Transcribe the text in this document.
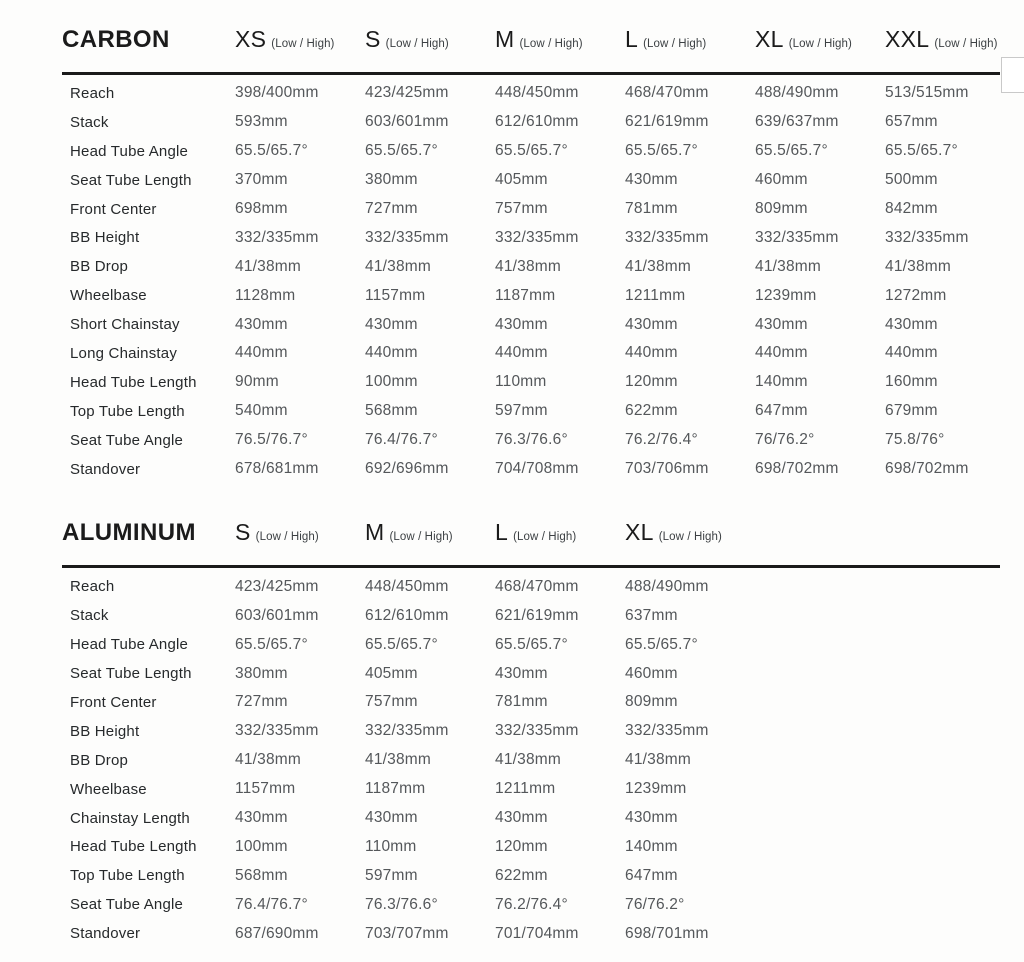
CARBON	XS (Low / High)	S (Low / High)	M (Low / High)	L (Low / High)	XL (Low / High)	XXL (Low / High)
Reach	398/400mm	423/425mm	448/450mm	468/470mm	488/490mm	513/515mm
Stack	593mm	603/601mm	612/610mm	621/619mm	639/637mm	657mm
Head Tube Angle	65.5/65.7°	65.5/65.7°	65.5/65.7°	65.5/65.7°	65.5/65.7°	65.5/65.7°
Seat Tube Length	370mm	380mm	405mm	430mm	460mm	500mm
Front Center	698mm	727mm	757mm	781mm	809mm	842mm
BB Height	332/335mm	332/335mm	332/335mm	332/335mm	332/335mm	332/335mm
BB Drop	41/38mm	41/38mm	41/38mm	41/38mm	41/38mm	41/38mm
Wheelbase	1128mm	1157mm	1187mm	1211mm	1239mm	1272mm
Short Chainstay	430mm	430mm	430mm	430mm	430mm	430mm
Long Chainstay	440mm	440mm	440mm	440mm	440mm	440mm
Head Tube Length	90mm	100mm	110mm	120mm	140mm	160mm
Top Tube Length	540mm	568mm	597mm	622mm	647mm	679mm
Seat Tube Angle	76.5/76.7°	76.4/76.7°	76.3/76.6°	76.2/76.4°	76/76.2°	75.8/76°
Standover	678/681mm	692/696mm	704/708mm	703/706mm	698/702mm	698/702mm
ALUMINUM	S (Low / High)	M (Low / High)	L (Low / High)	XL (Low / High)
Reach	423/425mm	448/450mm	468/470mm	488/490mm
Stack	603/601mm	612/610mm	621/619mm	637mm
Head Tube Angle	65.5/65.7°	65.5/65.7°	65.5/65.7°	65.5/65.7°
Seat Tube Length	380mm	405mm	430mm	460mm
Front Center	727mm	757mm	781mm	809mm
BB Height	332/335mm	332/335mm	332/335mm	332/335mm
BB Drop	41/38mm	41/38mm	41/38mm	41/38mm
Wheelbase	1157mm	1187mm	1211mm	1239mm
Chainstay Length	430mm	430mm	430mm	430mm
Head Tube Length	100mm	110mm	120mm	140mm
Top Tube Length	568mm	597mm	622mm	647mm
Seat Tube Angle	76.4/76.7°	76.3/76.6°	76.2/76.4°	76/76.2°
Standover	687/690mm	703/707mm	701/704mm	698/701mm
